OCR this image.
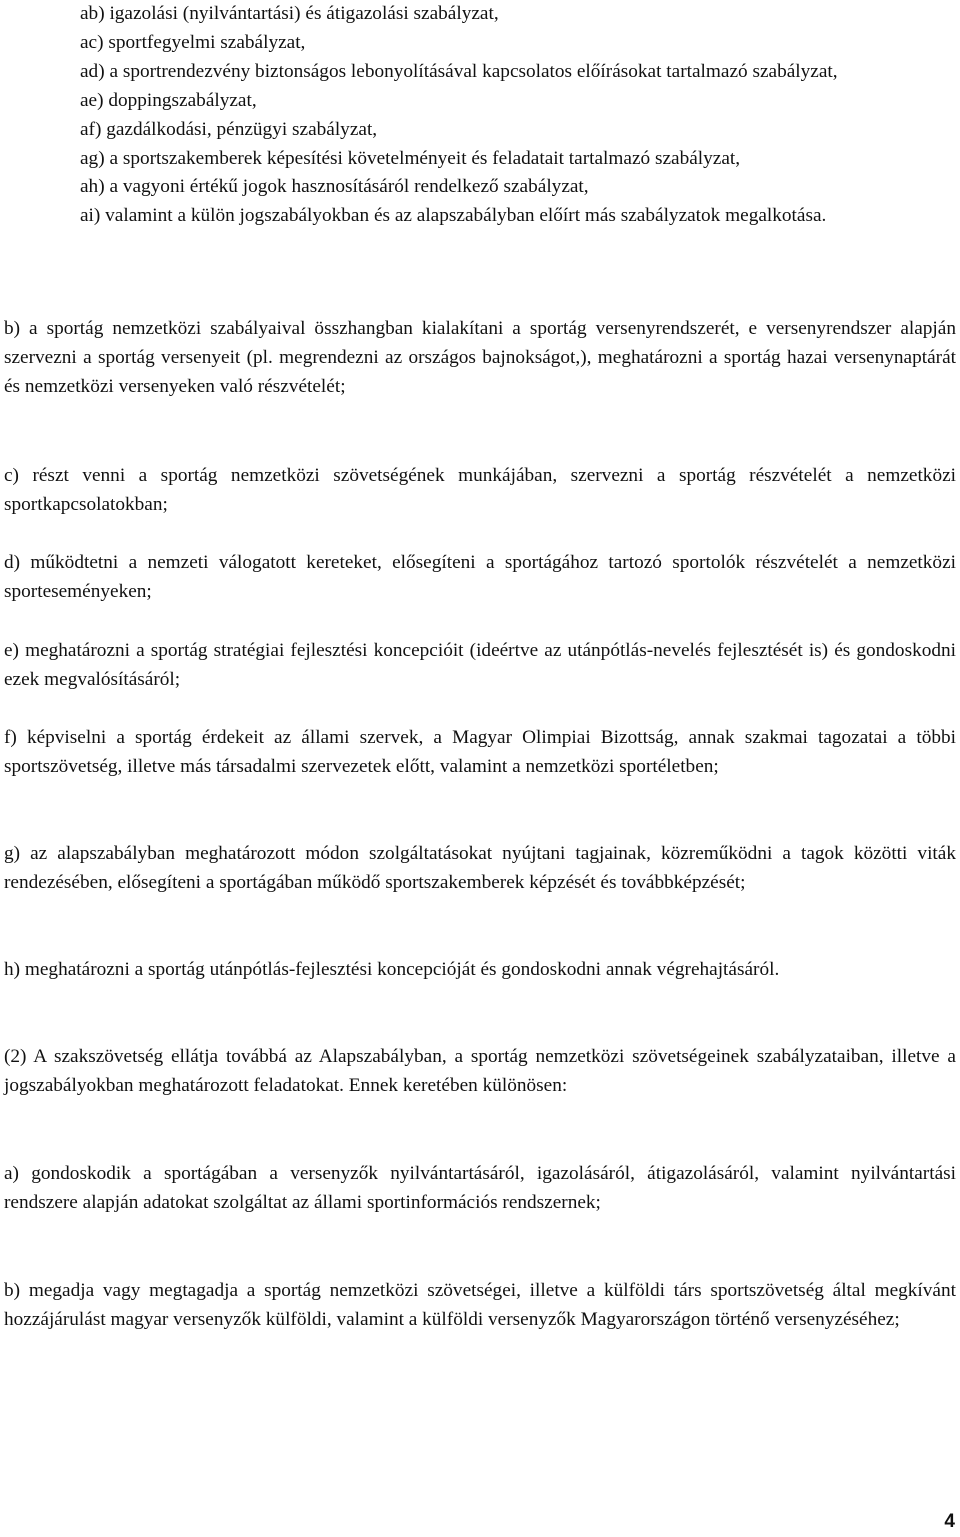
ab) igazolási (nyilvántartási) és átigazolási szabályzat,

ac) sportfegyelmi szabályzat,

ad) a sportrendezvény biztonságos lebonyolításával kapcsolatos előírásokat tartalmazó szabályzat,

ae) doppingszabályzat,

af) gazdálkodási, pénzügyi szabályzat,

ag) a sportszakemberek képesítési követelményeit és feladatait tartalmazó szabályzat,

ah) a vagyoni értékű jogok hasznosításáról rendelkező szabályzat,

ai) valamint a külön jogszabályokban és az alapszabályban előírt más szabályzatok megalkotása.

b) a sportág nemzetközi szabályaival összhangban kialakítani a sportág versenyrendszerét, e versenyrendszer alapján szervezni a sportág versenyeit (pl. megrendezni az országos bajnokságot,), meghatározni a sportág hazai versenynaptárát és nemzetközi versenyeken való részvételét;

c) részt venni a sportág nemzetközi szövetségének munkájában, szervezni a sportág részvételét a nemzetközi sportkapcsolatokban;

d) működtetni a nemzeti válogatott kereteket, elősegíteni a sportágához tartozó sportolók részvételét a nemzetközi sporteseményeken;

e) meghatározni a sportág stratégiai fejlesztési koncepcióit (ideértve az utánpótlás-nevelés fejlesztését is) és gondoskodni ezek megvalósításáról;

f) képviselni a sportág érdekeit az állami szervek, a Magyar Olimpiai Bizottság, annak szakmai tagozatai a többi sportszövetség, illetve más társadalmi szervezetek előtt, valamint a nemzetközi sportéletben;

g) az alapszabályban meghatározott módon szolgáltatásokat nyújtani tagjainak, közreműködni a tagok közötti viták rendezésében, elősegíteni a sportágában működő sportszakemberek képzését és továbbképzését;

h) meghatározni a sportág utánpótlás-fejlesztési koncepcióját és gondoskodni annak végrehajtásáról.

(2) A szakszövetség ellátja továbbá az Alapszabályban, a sportág nemzetközi szövetségeinek szabályzataiban, illetve a jogszabályokban meghatározott feladatokat. Ennek keretében különösen:

a) gondoskodik a sportágában a versenyzők nyilvántartásáról, igazolásáról, átigazolásáról, valamint nyilvántartási rendszere alapján adatokat szolgáltat az állami sportinformációs rendszernek;

b) megadja vagy megtagadja a sportág nemzetközi szövetségei, illetve a külföldi társ sportszövetség által megkívánt hozzájárulást magyar versenyzők külföldi, valamint a külföldi versenyzők Magyarországon történő versenyzéséhez;

4
